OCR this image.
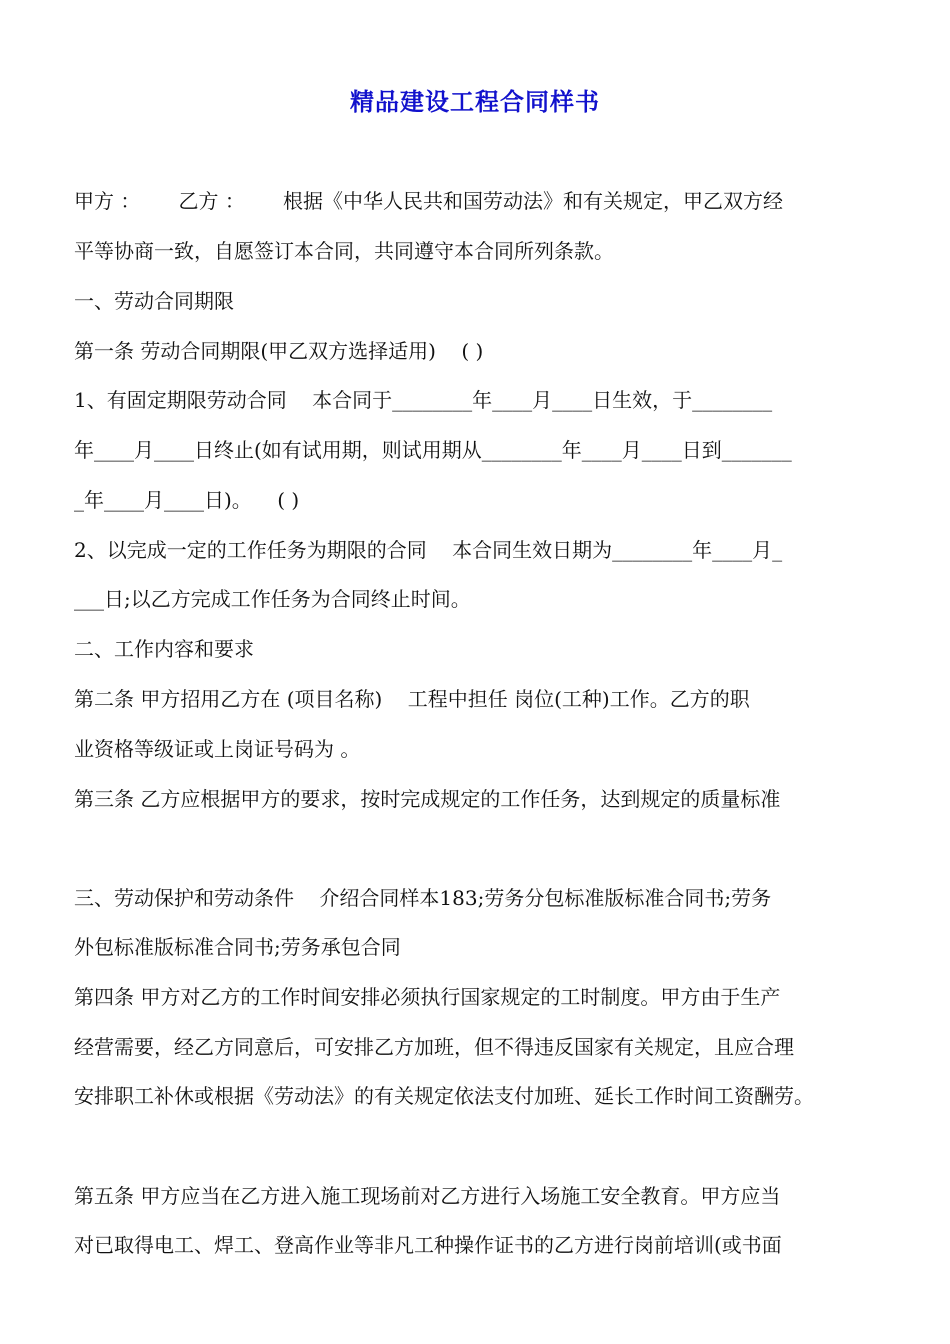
精品建设工程合同样书
甲方 ：      乙方 ：      根据《中华人民共和国劳动法》和有关规定，甲乙双方经
平等协商一致，自愿签订本合同，共同遵守本合同所列条款。
一、劳动合同期限
第一条 劳动合同期限(甲乙双方选择适用)    ( )
1、有固定期限劳动合同    本合同于________年____月____日生效，于________
年____月____日终止(如有试用期，则试用期从________年____月____日到_______
_年____月____日)。    ( )
2、以完成一定的工作任务为期限的合同    本合同生效日期为________年____月_
___日;以乙方完成工作任务为合同终止时间。
二、工作内容和要求
第二条 甲方招用乙方在 (项目名称)    工程中担任 岗位(工种)工作。乙方的职
业资格等级证或上岗证号码为 。
第三条 乙方应根据甲方的要求，按时完成规定的工作任务，达到规定的质量标准
三、劳动保护和劳动条件    介绍合同样本183;劳务分包标准版标准合同书;劳务
外包标准版标准合同书;劳务承包合同
第四条 甲方对乙方的工作时间安排必须执行国家规定的工时制度。甲方由于生产
经营需要，经乙方同意后，可安排乙方加班，但不得违反国家有关规定，且应合理
安排职工补休或根据《劳动法》的有关规定依法支付加班、延长工作时间工资酬劳。
第五条 甲方应当在乙方进入施工现场前对乙方进行入场施工安全教育。甲方应当
对已取得电工、焊工、登高作业等非凡工种操作证书的乙方进行岗前培训(或书面
